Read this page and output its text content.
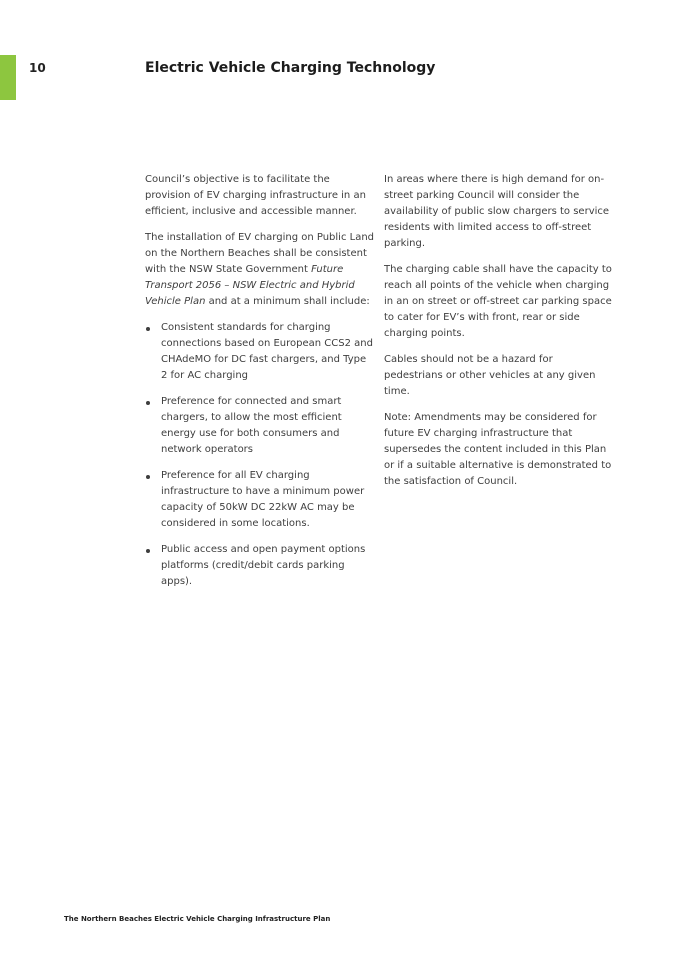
10	Electric Vehicle Charging Technology

Council’s objective is to facilitate the provision of EV charging infrastructure in an efficient, inclusive and accessible manner.

The installation of EV charging on Public Land on the Northern Beaches shall be consistent with the NSW State Government Future Transport 2056 – NSW Electric and Hybrid Vehicle Plan and at a minimum shall include:

Consistent standards for charging connections based on European CCS2 and CHAdeMO for DC fast chargers, and Type 2 for AC charging
Preference for connected and smart chargers, to allow the most efficient energy use for both consumers and network operators
Preference for all EV charging infrastructure to have a minimum power capacity of 50kW DC 22kW AC may be considered in some locations.
Public access and open payment options platforms (credit/debit cards parking apps).

In areas where there is high demand for on-street parking Council will consider the availability of public slow chargers to service residents with limited access to off-street parking.

The charging cable shall have the capacity to reach all points of the vehicle when charging in an on street or off-street car parking space to cater for EV’s with front, rear or side charging points.

Cables should not be a hazard for pedestrians or other vehicles at any given time.

Note: Amendments may be considered for future EV charging infrastructure that supersedes the content included in this Plan or if a suitable alternative is demonstrated to the satisfaction of Council.

The Northern Beaches Electric Vehicle Charging Infrastructure Plan
